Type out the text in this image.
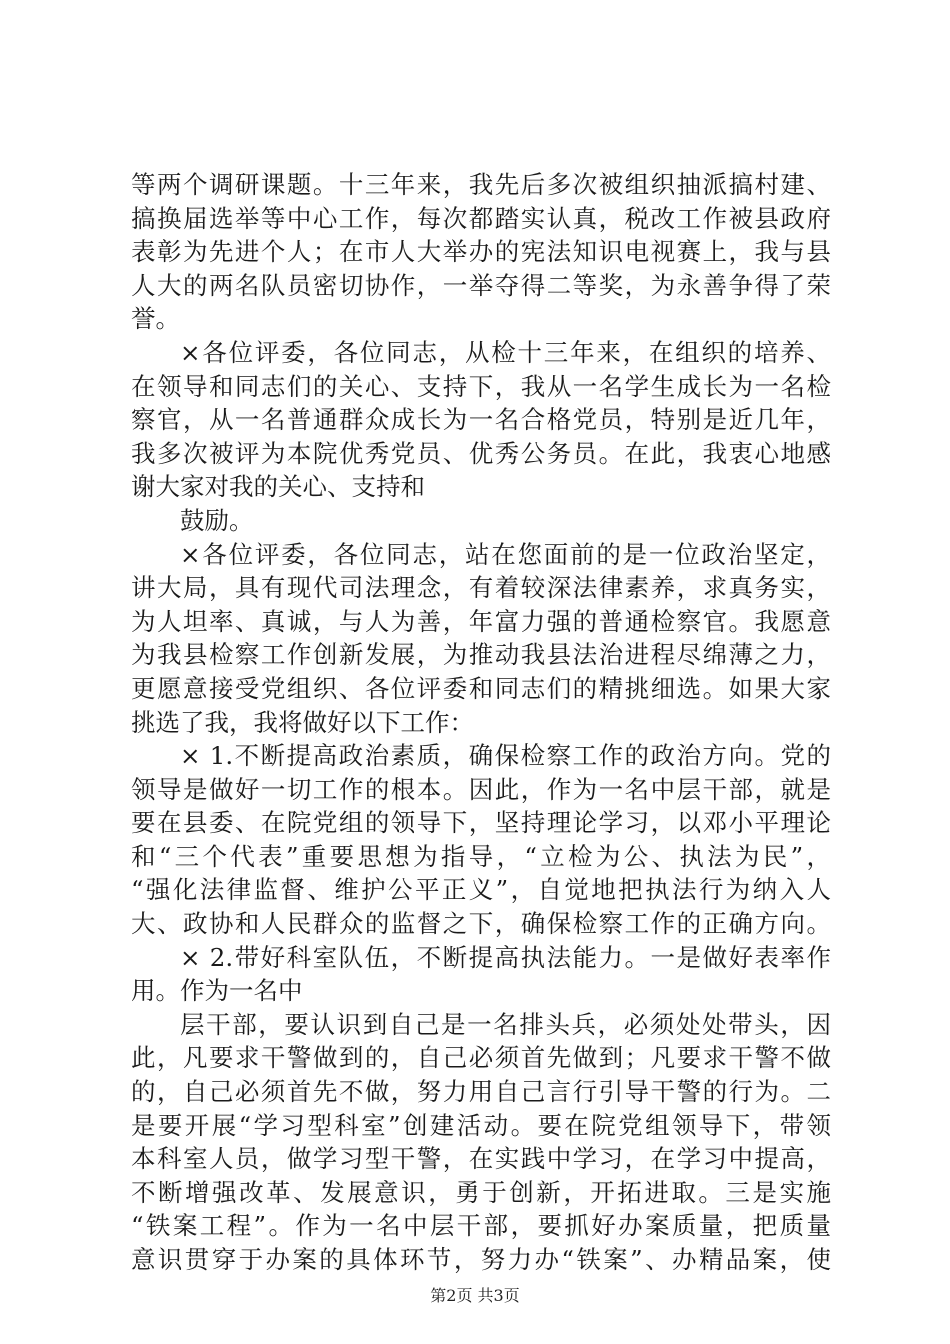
等两个调研课题。十三年来，我先后多次被组织抽派搞村建、
搞换届选举等中心工作，每次都踏实认真，税改工作被县政府
表彰为先进个人；在市人大举办的宪法知识电视赛上，我与县
人大的两名队员密切协作，一举夺得二等奖，为永善争得了荣
誉。
×各位评委，各位同志，从检十三年来，在组织的培养、
在领导和同志们的关心、支持下，我从一名学生成长为一名检
察官，从一名普通群众成长为一名合格党员，特别是近几年，
我多次被评为本院优秀党员、优秀公务员。在此，我衷心地感
谢大家对我的关心、支持和
鼓励。
×各位评委，各位同志，站在您面前的是一位政治坚定，
讲大局，具有现代司法理念，有着较深法律素养，求真务实，
为人坦率、真诚，与人为善，年富力强的普通检察官。我愿意
为我县检察工作创新发展，为推动我县法治进程尽绵薄之力，
更愿意接受党组织、各位评委和同志们的精挑细选。如果大家
挑选了我，我将做好以下工作：
× 1.不断提高政治素质，确保检察工作的政治方向。党的
领导是做好一切工作的根本。因此，作为一名中层干部，就是
要在县委、在院党组的领导下，坚持理论学习，以邓小平理论
和“三个代表”重要思想为指导，“立检为公、执法为民”，
“强化法律监督、维护公平正义”，自觉地把执法行为纳入人
大、政协和人民群众的监督之下，确保检察工作的正确方向。
× 2.带好科室队伍，不断提高执法能力。一是做好表率作
用。作为一名中
层干部，要认识到自己是一名排头兵，必须处处带头，因
此，凡要求干警做到的，自己必须首先做到；凡要求干警不做
的，自己必须首先不做，努力用自己言行引导干警的行为。二
是要开展“学习型科室”创建活动。要在院党组领导下，带领
本科室人员，做学习型干警，在实践中学习，在学习中提高，
不断增强改革、发展意识，勇于创新，开拓进取。三是实施
“铁案工程”。作为一名中层干部，要抓好办案质量，把质量
意识贯穿于办案的具体环节，努力办“铁案”、办精品案，使
第2页 共3页
